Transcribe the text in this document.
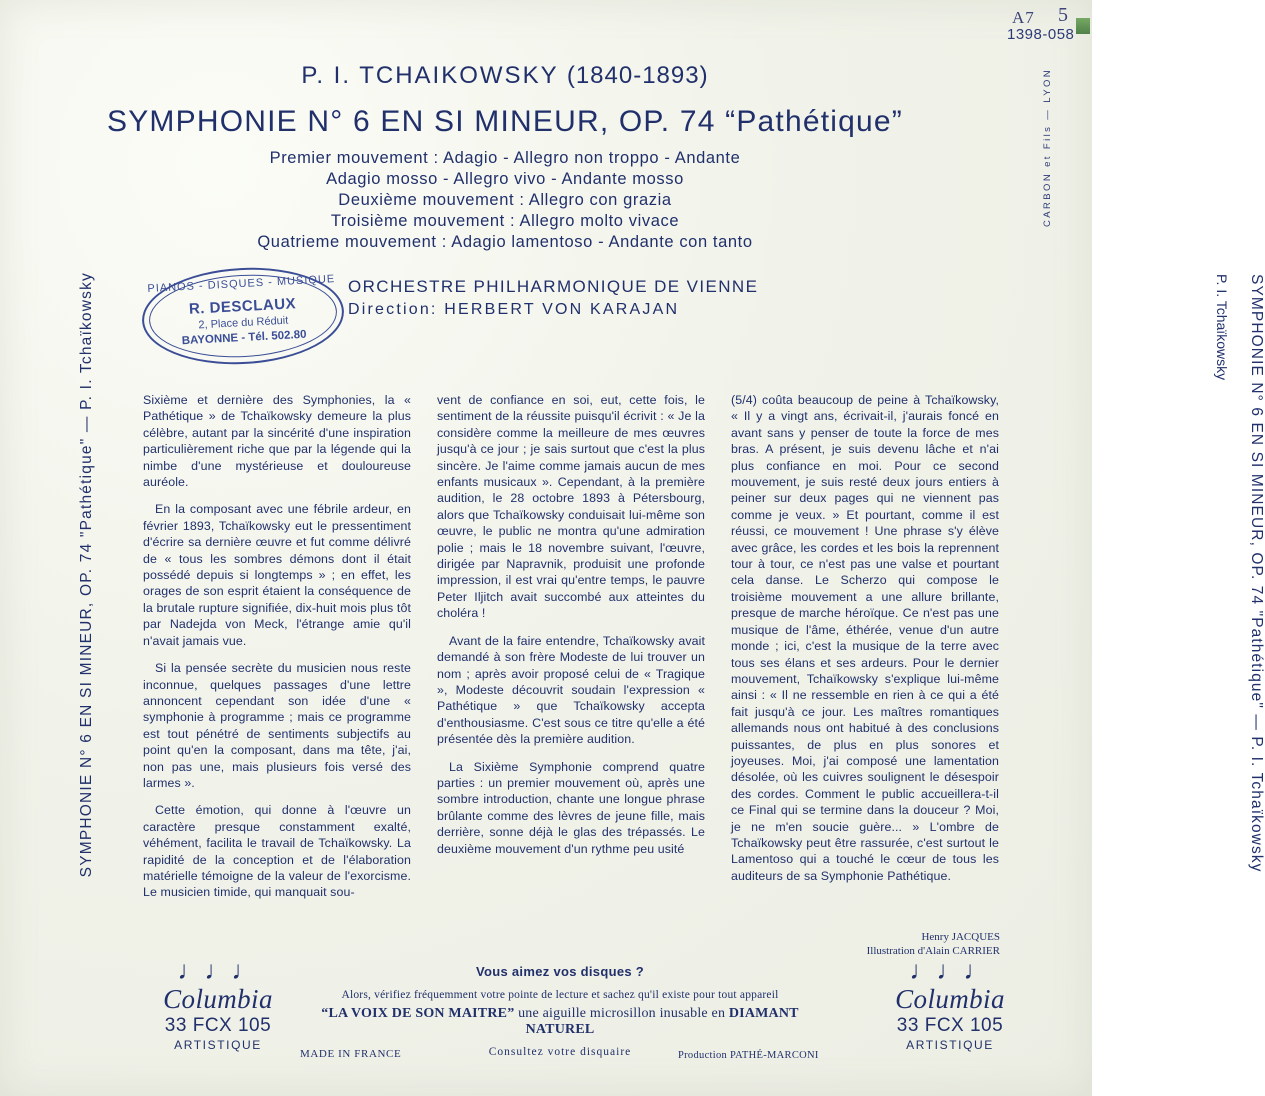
A7 5
1398-058
CARBON et Fils — LYON
SYMPHONIE N° 6 EN SI MINEUR, OP. 74 "Pathétique" — P. I. Tchaïkowsky	SYMPHONIE N° 6 EN SI MINEUR, OP. 74 "Pathétique" — P. I. Tchaïkowsky
P. I. Tchaïkowsky
P. I. TCHAIKOWSKY (1840-1893)
SYMPHONIE N° 6 EN SI MINEUR, OP. 74 “Pathétique”
Premier mouvement : Adagio - Allegro non troppo - Andante
Adagio mosso - Allegro vivo - Andante mosso
Deuxième mouvement : Allegro con grazia
Troisième mouvement : Allegro molto vivace
Quatrieme mouvement : Adagio lamentoso - Andante con tanto
ORCHESTRE PHILHARMONIQUE DE VIENNE
Direction: HERBERT VON KARAJAN
PIANOS - DISQUES - MUSIQUE
R. DESCLAUX
2, Place du Réduit
BAYONNE - Tél. 502.80

Sixième et dernière des Symphonies, la « Pathétique » de Tchaïkowsky demeure la plus célèbre, autant par la sincérité d'une inspiration particulièrement riche que par la légende qui la nimbe d'une mystérieuse et douloureuse auréole.

En la composant avec une fébrile ardeur, en février 1893, Tchaïkowsky eut le pressentiment d'écrire sa dernière œuvre et fut comme délivré de « tous les sombres démons dont il était possédé depuis si longtemps » ; en effet, les orages de son esprit étaient la conséquence de la brutale rupture signifiée, dix-huit mois plus tôt par Nadejda von Meck, l'étrange amie qu'il n'avait jamais vue.

Si la pensée secrète du musicien nous reste inconnue, quelques passages d'une lettre annoncent cependant son idée d'une « symphonie à programme ; mais ce programme est tout pénétré de sentiments subjectifs au point qu'en la composant, dans ma tête, j'ai, non pas une, mais plusieurs fois versé des larmes ».

Cette émotion, qui donne à l'œuvre un caractère presque constamment exalté, véhément, facilita le travail de Tchaïkowsky. La rapidité de la conception et de l'élaboration matérielle témoigne de la valeur de l'exorcisme. Le musicien timide, qui manquait sou-

vent de confiance en soi, eut, cette fois, le sentiment de la réussite puisqu'il écrivit : « Je la considère comme la meilleure de mes œuvres jusqu'à ce jour ; je sais surtout que c'est la plus sincère. Je l'aime comme jamais aucun de mes enfants musicaux ». Cependant, à la première audition, le 28 octobre 1893 à Pétersbourg, alors que Tchaïkowsky conduisait lui-même son œuvre, le public ne montra qu'une admiration polie ; mais le 18 novembre suivant, l'œuvre, dirigée par Napravnik, produisit une profonde impression, il est vrai qu'entre temps, le pauvre Peter Iljitch avait succombé aux atteintes du choléra !

Avant de la faire entendre, Tchaïkowsky avait demandé à son frère Modeste de lui trouver un nom ; après avoir proposé celui de « Tragique », Modeste découvrit soudain l'expression « Pathétique » que Tchaïkowsky accepta d'enthousiasme. C'est sous ce titre qu'elle a été présentée dès la première audition.

La Sixième Symphonie comprend quatre parties : un premier mouvement où, après une sombre introduction, chante une longue phrase brûlante comme des lèvres de jeune fille, mais derrière, sonne déjà le glas des trépassés. Le deuxième mouvement d'un rythme peu usité

(5/4) coûta beaucoup de peine à Tchaïkowsky, « Il y a vingt ans, écrivait-il, j'aurais foncé en avant sans y penser de toute la force de mes bras. A présent, je suis devenu lâche et n'ai plus confiance en moi. Pour ce second mouvement, je suis resté deux jours entiers à peiner sur deux pages qui ne viennent pas comme je veux. » Et pourtant, comme il est réussi, ce mouvement ! Une phrase s'y élève avec grâce, les cordes et les bois la reprennent tour à tour, ce n'est pas une valse et pourtant cela danse. Le Scherzo qui compose le troisième mouvement a une allure brillante, presque de marche héroïque. Ce n'est pas une musique de l'âme, éthérée, venue d'un autre monde ; ici, c'est la musique de la terre avec tous ses élans et ses ardeurs. Pour le dernier mouvement, Tchaïkowsky s'explique lui-même ainsi : « Il ne ressemble en rien à ce qui a été fait jusqu'à ce jour. Les maîtres romantiques allemands nous ont habitué à des conclusions puissantes, de plus en plus sonores et joyeuses. Moi, j'ai composé une lamentation désolée, où les cuivres soulignent le désespoir des cordes. Comment le public accueillera-t-il ce Final qui se termine dans la douceur ? Moi, je ne m'en soucie guère... » L'ombre de Tchaïkowsky peut être rassurée, c'est surtout le Lamentoso qui a touché le cœur de tous les auditeurs de sa Symphonie Pathétique.

Henry JACQUES
Illustration d'Alain CARRIER
♩♩♩
Columbia
33 FCX 105
ARTISTIQUE
♩♩♩
Columbia
33 FCX 105
ARTISTIQUE
Vous aimez vos disques ?
Alors, vérifiez fréquemment votre pointe de lecture et sachez qu'il existe pour tout appareil
“LA VOIX DE SON MAITRE” une aiguille microsillon inusable en DIAMANT NATUREL
Consultez votre disquaire
MADE IN FRANCE	Production PATHÉ-MARCONI
